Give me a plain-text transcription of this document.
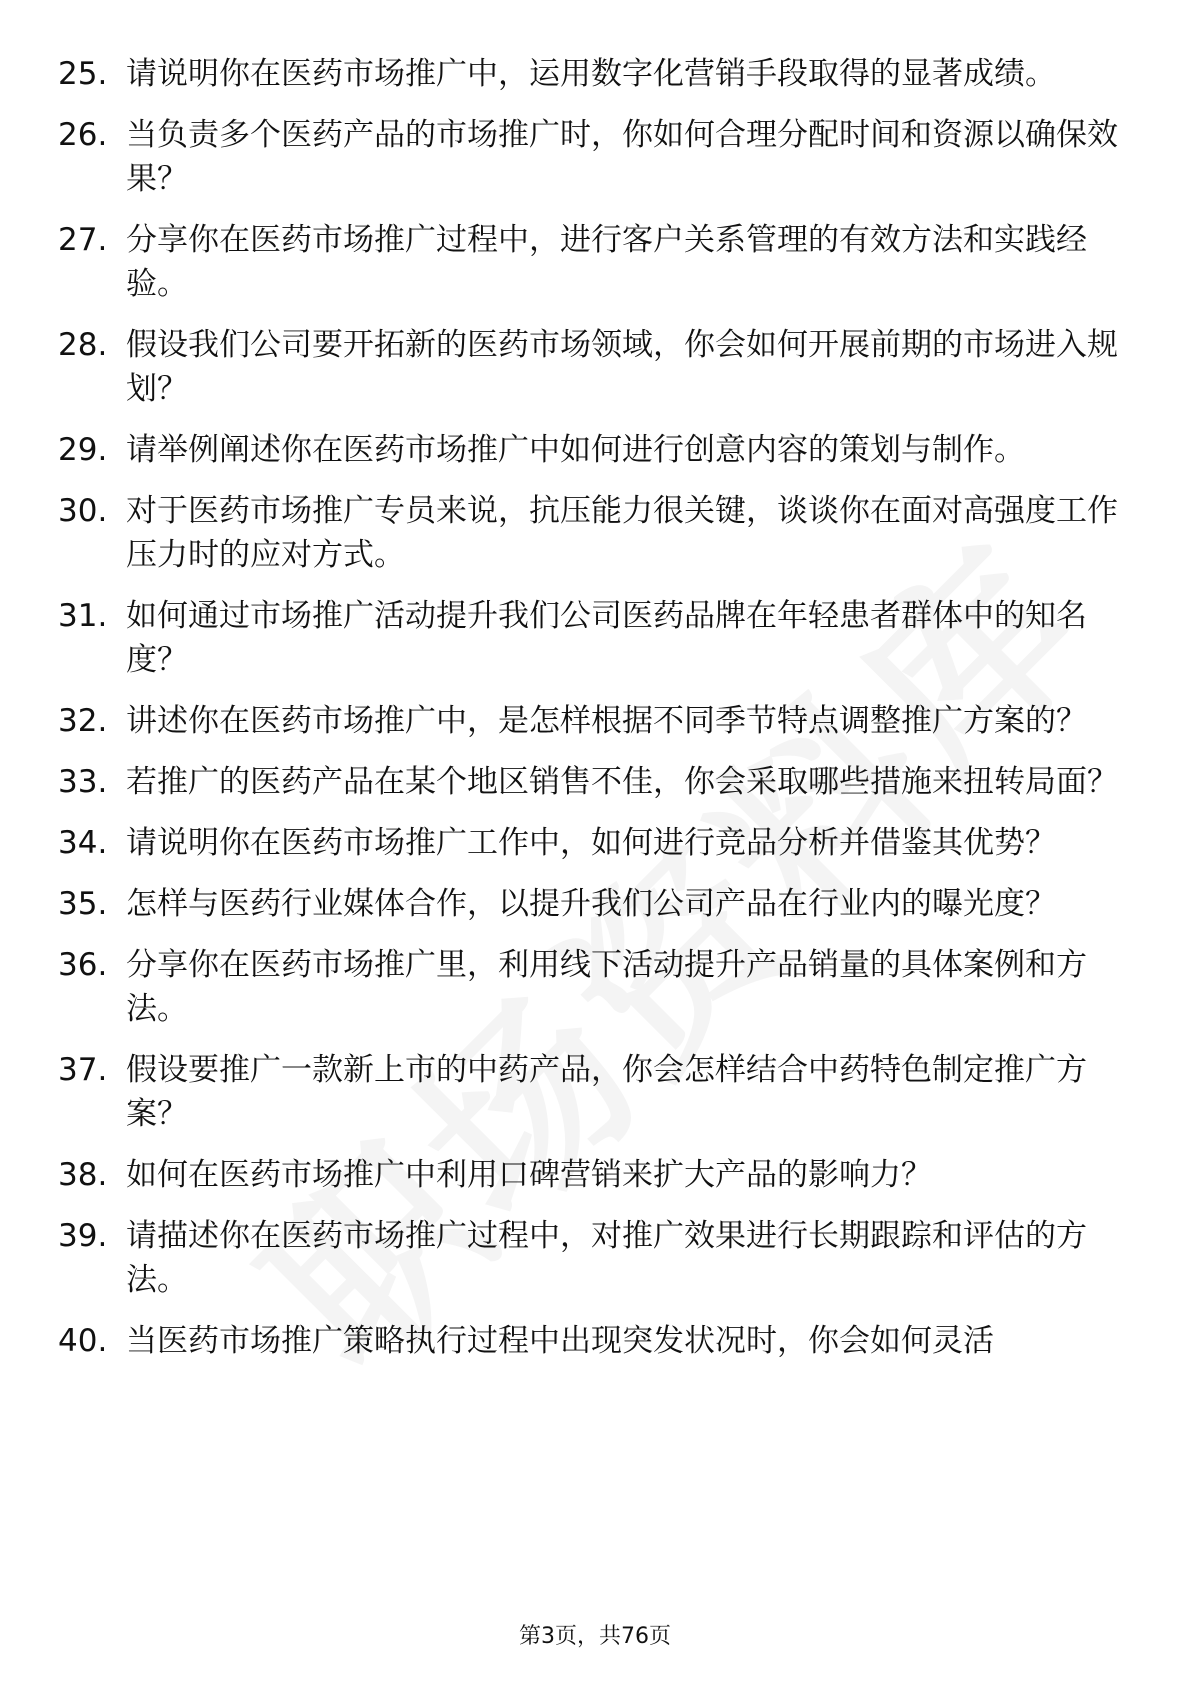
25. 请说明你在医药市场推广中，运用数字化营销手段取得的显著成绩。
26. 当负责多个医药产品的市场推广时，你如何合理分配时间和资源以确保效果？
27. 分享你在医药市场推广过程中，进行客户关系管理的有效方法和实践经验。
28. 假设我们公司要开拓新的医药市场领域，你会如何开展前期的市场进入规划？
29. 请举例阐述你在医药市场推广中如何进行创意内容的策划与制作。
30. 对于医药市场推广专员来说，抗压能力很关键，谈谈你在面对高强度工作压力时的应对方式。
31. 如何通过市场推广活动提升我们公司医药品牌在年轻患者群体中的知名度？
32. 讲述你在医药市场推广中，是怎样根据不同季节特点调整推广方案的？
33. 若推广的医药产品在某个地区销售不佳，你会采取哪些措施来扭转局面？
34. 请说明你在医药市场推广工作中，如何进行竞品分析并借鉴其优势？
35. 怎样与医药行业媒体合作，以提升我们公司产品在行业内的曝光度？
36. 分享你在医药市场推广里，利用线下活动提升产品销量的具体案例和方法。
37. 假设要推广一款新上市的中药产品，你会怎样结合中药特色制定推广方案？
38. 如何在医药市场推广中利用口碑营销来扩大产品的影响力？
39. 请描述你在医药市场推广过程中，对推广效果进行长期跟踪和评估的方法。
40. 当医药市场推广策略执行过程中出现突发状况时，你会如何灵活
第3页，共76页
